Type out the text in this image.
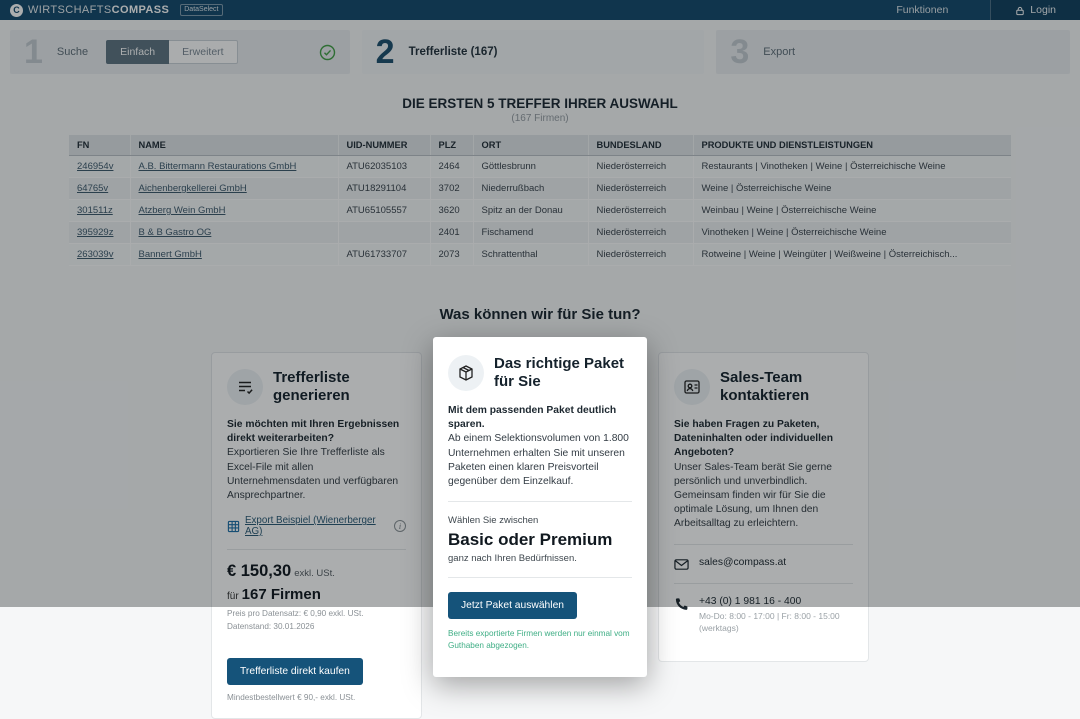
C WIRTSCHAFTSCOMPASS	DataSelect	Funktionen	Login
1 Suche	Einfach	Erweitert	2 Trefferliste (167)	3 Export
DIE ERSTEN 5 TREFFER IHRER AUSWAHL
(167 Firmen)
FN	NAME	UID-NUMMER	PLZ	ORT	BUNDESLAND	PRODUKTE UND DIENSTLEISTUNGEN
246954v	A.B. Bittermann Restaurations GmbH	ATU62035103	2464	Göttlesbrunn	Niederösterreich	Restaurants | Vinotheken | Weine | Österreichische Weine
64765v	Aichenbergkellerei GmbH	ATU18291104	3702	Niederrußbach	Niederösterreich	Weine | Österreichische Weine
301511z	Atzberg Wein GmbH	ATU65105557	3620	Spitz an der Donau	Niederösterreich	Weinbau | Weine | Österreichische Weine
395929z	B & B Gastro OG		2401	Fischamend	Niederösterreich	Vinotheken | Weine | Österreichische Weine
263039v	Bannert GmbH	ATU61733707	2073	Schrattenthal	Niederösterreich	Rotweine | Weine | Weingüter | Weißweine | Österreichisch...
Was können wir für Sie tun?
Trefferliste generieren
Sie möchten mit Ihren Ergebnissen direkt weiterarbeiten?
Exportieren Sie Ihre Trefferliste als Excel-File mit allen Unternehmensdaten und verfügbaren Ansprechpartner.
Export Beispiel (Wienerberger AG)	i
€ 150,30 exkl. USt.
für 167 Firmen
Preis pro Datensatz: € 0,90 exkl. USt.
Datenstand: 30.01.2026
Trefferliste direkt kaufen
Mindestbestellwert € 90,- exkl. USt.
Das richtige Paket für Sie
Mit dem passenden Paket deutlich sparen.
Ab einem Selektionsvolumen von 1.800 Unternehmen erhalten Sie mit unseren Paketen einen klaren Preisvorteil gegenüber dem Einzelkauf.
Wählen Sie zwischen
Basic oder Premium
ganz nach Ihren Bedürfnissen.
Jetzt Paket auswählen
Bereits exportierte Firmen werden nur einmal vom Guthaben abgezogen.
Sales-Team kontaktieren
Sie haben Fragen zu Paketen, Dateninhalten oder individuellen Angeboten?
Unser Sales-Team berät Sie gerne persönlich und unverbindlich. Gemeinsam finden wir für Sie die optimale Lösung, um Ihnen den Arbeitsalltag zu erleichtern.
sales@compass.at
+43 (0) 1 981 16 - 400
Mo-Do: 8:00 - 17:00 | Fr: 8:00 - 15:00 (werktags)
